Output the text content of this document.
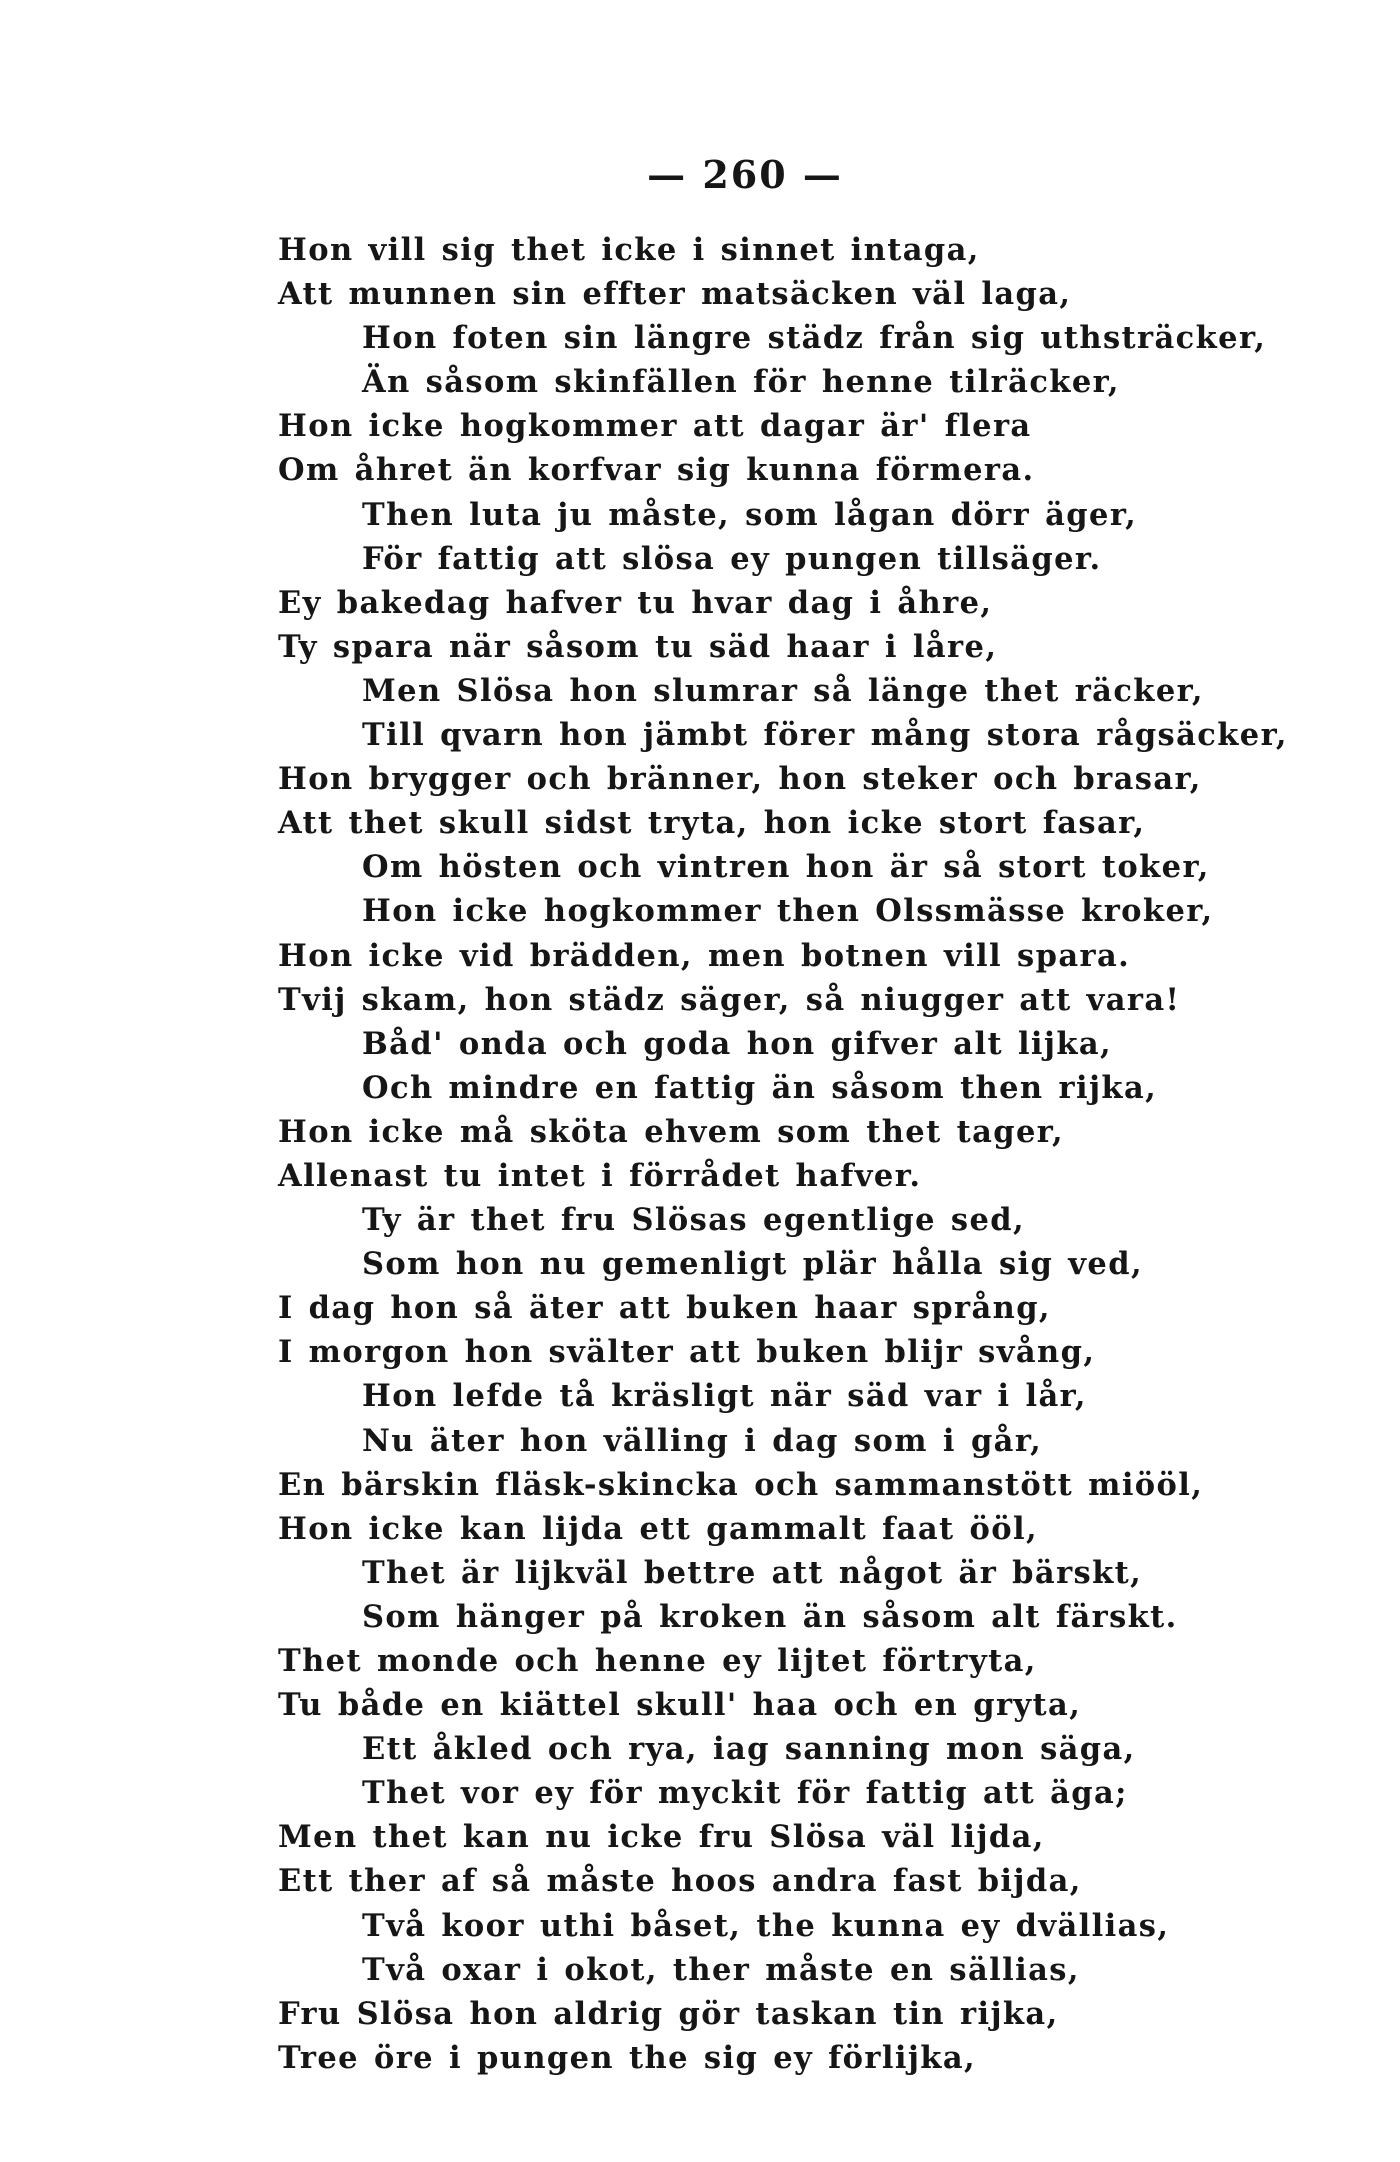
— 260 —
Hon vill sig thet icke i sinnet intaga,
Att munnen sin effter matsäcken väl laga,
Hon foten sin längre städz från sig uthsträcker,
Än såsom skinfällen för henne tilräcker,
Hon icke hogkommer att dagar är' flera
Om åhret än korfvar sig kunna förmera.
Then luta ju måste, som lågan dörr äger,
För fattig att slösa ey pungen tillsäger.
Ey bakedag hafver tu hvar dag i åhre,
Ty spara när såsom tu säd haar i låre,
Men Slösa hon slumrar så länge thet räcker,
Till qvarn hon jämbt förer mång stora rågsäcker,
Hon brygger och bränner, hon steker och brasar,
Att thet skull sidst tryta, hon icke stort fasar,
Om hösten och vintren hon är så stort toker,
Hon icke hogkommer then Olssmässe kroker,
Hon icke vid brädden, men botnen vill spara.
Tvij skam, hon städz säger, så niugger att vara!
Båd' onda och goda hon gifver alt lijka,
Och mindre en fattig än såsom then rijka,
Hon icke må sköta ehvem som thet tager,
Allenast tu intet i förrådet hafver.
Ty är thet fru Slösas egentlige sed,
Som hon nu gemenligt plär hålla sig ved,
I dag hon så äter att buken haar språng,
I morgon hon svälter att buken blijr svång,
Hon lefde tå kräsligt när säd var i lår,
Nu äter hon välling i dag som i går,
En bärskin fläsk-skincka och sammanstött miööl,
Hon icke kan lijda ett gammalt faat ööl,
Thet är lijkväl bettre att något är bärskt,
Som hänger på kroken än såsom alt färskt.
Thet monde och henne ey lijtet förtryta,
Tu både en kiättel skull' haa och en gryta,
Ett åkled och rya, iag sanning mon säga,
Thet vor ey för myckit för fattig att äga;
Men thet kan nu icke fru Slösa väl lijda,
Ett ther af så måste hoos andra fast bijda,
Två koor uthi båset, the kunna ey dvällias,
Två oxar i okot, ther måste en sällias,
Fru Slösa hon aldrig gör taskan tin rijka,
Tree öre i pungen the sig ey förlijka,
